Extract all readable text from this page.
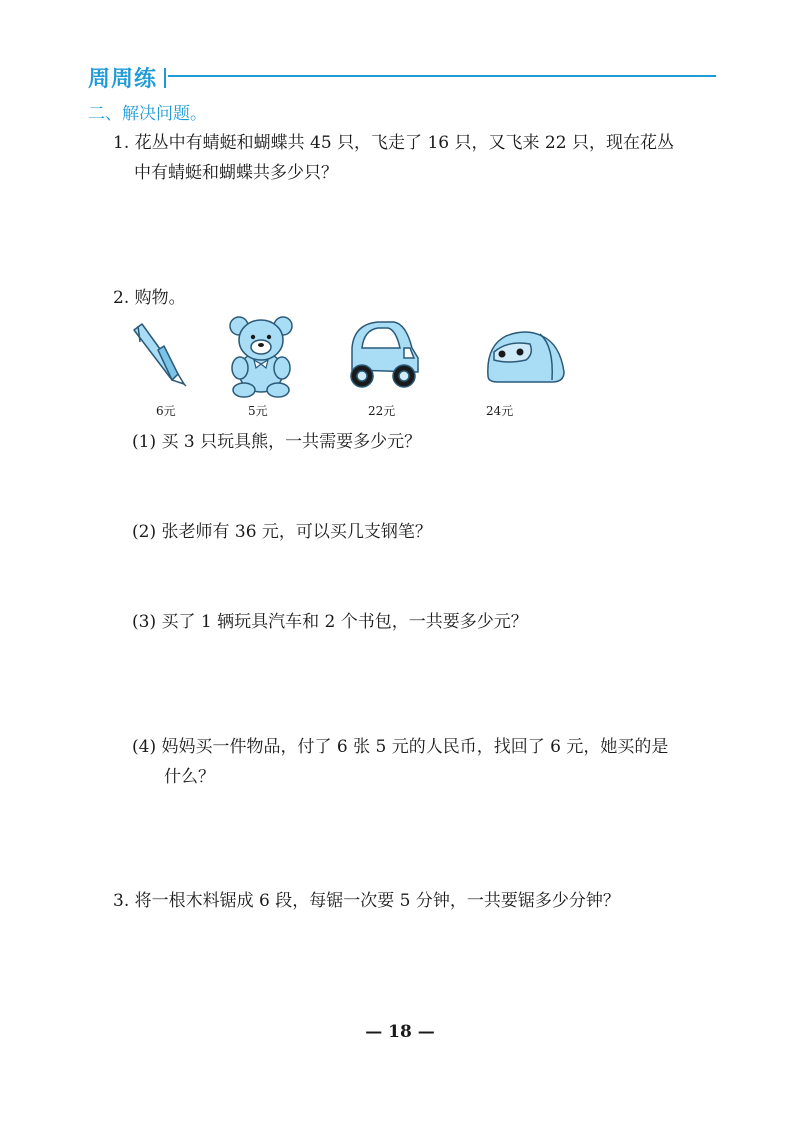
周周练
二、解决问题。
1. 花丛中有蜻蜓和蝴蝶共 45 只，飞走了 16 只，又飞来 22 只，现在花丛
中有蜻蜓和蝴蝶共多少只？
2. 购物。
6元	5元	22元	24元
(1) 买 3 只玩具熊，一共需要多少元？
(2) 张老师有 36 元，可以买几支钢笔？
(3) 买了 1 辆玩具汽车和 2 个书包，一共要多少元？
(4) 妈妈买一件物品，付了 6 张 5 元的人民币，找回了 6 元，她买的是
什么？
3. 将一根木料锯成 6 段，每锯一次要 5 分钟，一共要锯多少分钟？
— 18 —
